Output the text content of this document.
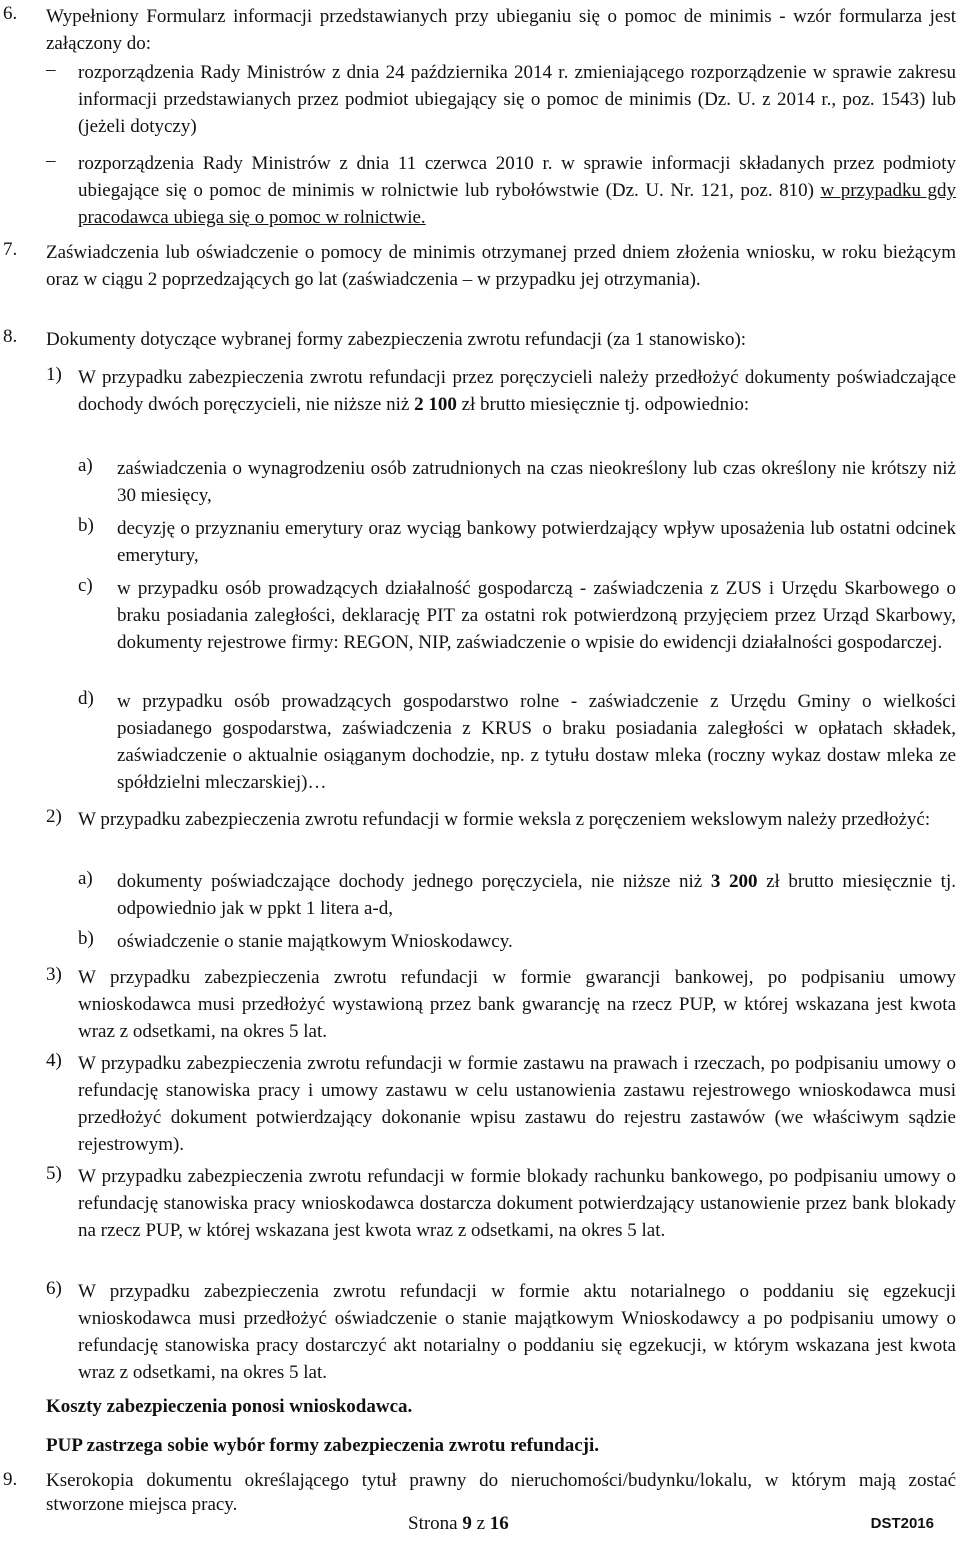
6. Wypełniony Formularz informacji przedstawianych przy ubieganiu się o pomoc de minimis - wzór formularza jest załączony do:
– rozporządzenia Rady Ministrów z dnia 24 października 2014 r. zmieniającego rozporządzenie w sprawie zakresu informacji przedstawianych przez podmiot ubiegający się o pomoc de minimis (Dz. U. z 2014 r., poz. 1543) lub (jeżeli dotyczy)
– rozporządzenia Rady Ministrów z dnia 11 czerwca 2010 r. w sprawie informacji składanych przez podmioty ubiegające się o pomoc de minimis w rolnictwie lub rybołówstwie (Dz. U. Nr. 121, poz. 810) w przypadku gdy pracodawca ubiega się o pomoc w rolnictwie.
7. Zaświadczenia lub oświadczenie o pomocy de minimis otrzymanej przed dniem złożenia wniosku, w roku bieżącym oraz w ciągu 2 poprzedzających go lat (zaświadczenia – w przypadku jej otrzymania).
8. Dokumenty dotyczące wybranej formy zabezpieczenia zwrotu refundacji (za 1 stanowisko):
1) W przypadku zabezpieczenia zwrotu refundacji przez poręczycieli należy przedłożyć dokumenty poświadczające dochody dwóch poręczycieli, nie niższe niż 2 100 zł brutto miesięcznie tj. odpowiednio:
a) zaświadczenia o wynagrodzeniu osób zatrudnionych na czas nieokreślony lub czas określony nie krótszy niż 30 miesięcy,
b) decyzję o przyznaniu emerytury oraz wyciąg bankowy potwierdzający wpływ uposażenia lub ostatni odcinek emerytury,
c) w przypadku osób prowadzących działalność gospodarczą - zaświadczenia z ZUS i Urzędu Skarbowego o braku posiadania zaległości, deklarację PIT za ostatni rok potwierdzoną przyjęciem przez Urząd Skarbowy, dokumenty rejestrowe firmy: REGON, NIP, zaświadczenie o wpisie do ewidencji działalności gospodarczej.
d) w przypadku osób prowadzących gospodarstwo rolne - zaświadczenie z Urzędu Gminy o wielkości posiadanego gospodarstwa, zaświadczenia z KRUS o braku posiadania zaległości w opłatach składek, zaświadczenie o aktualnie osiąganym dochodzie, np. z tytułu dostaw mleka (roczny wykaz dostaw mleka ze spółdzielni mleczarskiej)…
2) W przypadku zabezpieczenia zwrotu refundacji w formie weksla z poręczeniem wekslowym należy przedłożyć:
a) dokumenty poświadczające dochody jednego poręczyciela, nie niższe niż 3 200 zł brutto miesięcznie tj. odpowiednio jak w ppkt 1 litera a-d,
b) oświadczenie o stanie majątkowym Wnioskodawcy.
3) W przypadku zabezpieczenia zwrotu refundacji w formie gwarancji bankowej, po podpisaniu umowy wnioskodawca musi przedłożyć wystawioną przez bank gwarancję na rzecz PUP, w której wskazana jest kwota wraz z odsetkami, na okres 5 lat.
4) W przypadku zabezpieczenia zwrotu refundacji w formie zastawu na prawach i rzeczach, po podpisaniu umowy o refundację stanowiska pracy i umowy zastawu w celu ustanowienia zastawu rejestrowego wnioskodawca musi przedłożyć dokument potwierdzający dokonanie wpisu zastawu do rejestru zastawów (we właściwym sądzie rejestrowym).
5) W przypadku zabezpieczenia zwrotu refundacji w formie blokady rachunku bankowego, po podpisaniu umowy o refundację stanowiska pracy wnioskodawca dostarcza dokument potwierdzający ustanowienie przez bank blokady na rzecz PUP, w której wskazana jest kwota wraz z odsetkami, na okres 5 lat.
6) W przypadku zabezpieczenia zwrotu refundacji w formie aktu notarialnego o poddaniu się egzekucji wnioskodawca musi przedłożyć oświadczenie o stanie majątkowym Wnioskodawcy a po podpisaniu umowy o refundację stanowiska pracy dostarczyć akt notarialny o poddaniu się egzekucji, w którym wskazana jest kwota wraz z odsetkami, na okres 5 lat.
Koszty zabezpieczenia ponosi wnioskodawca.
PUP zastrzega sobie wybór formy zabezpieczenia zwrotu refundacji.
9. Kserokopia dokumentu określającego tytuł prawny do nieruchomości/budynku/lokalu, w którym mają zostać stworzone miejsca pracy.
Strona 9 z 16	DST2016
